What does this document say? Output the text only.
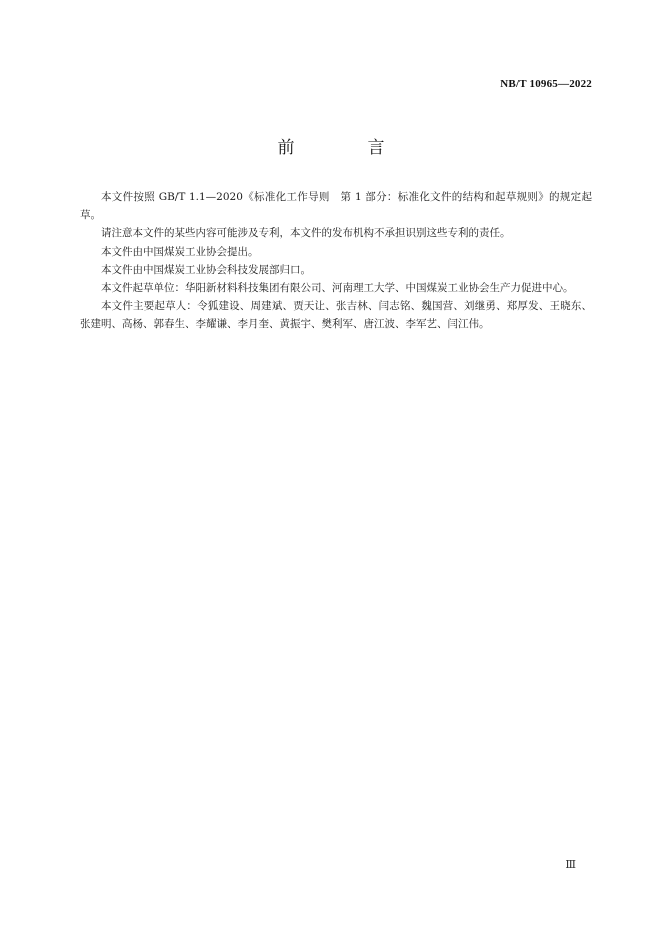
NB/T 10965—2022
前　言

本文件按照 GB/T 1.1—2020《标准化工作导则　第 1 部分：标准化文件的结构和起草规则》的规定起草。

请注意本文件的某些内容可能涉及专利，本文件的发布机构不承担识别这些专利的责任。

本文件由中国煤炭工业协会提出。

本文件由中国煤炭工业协会科技发展部归口。

本文件起草单位：华阳新材料科技集团有限公司、河南理工大学、中国煤炭工业协会生产力促进中心。

本文件主要起草人：令狐建设、周建斌、贾天让、张吉林、闫志铭、魏国营、刘继勇、郑厚发、王晓东、张建明、高杨、郭春生、李耀谦、李月奎、黄振宇、樊利军、唐江波、李军艺、闫江伟。

Ⅲ
